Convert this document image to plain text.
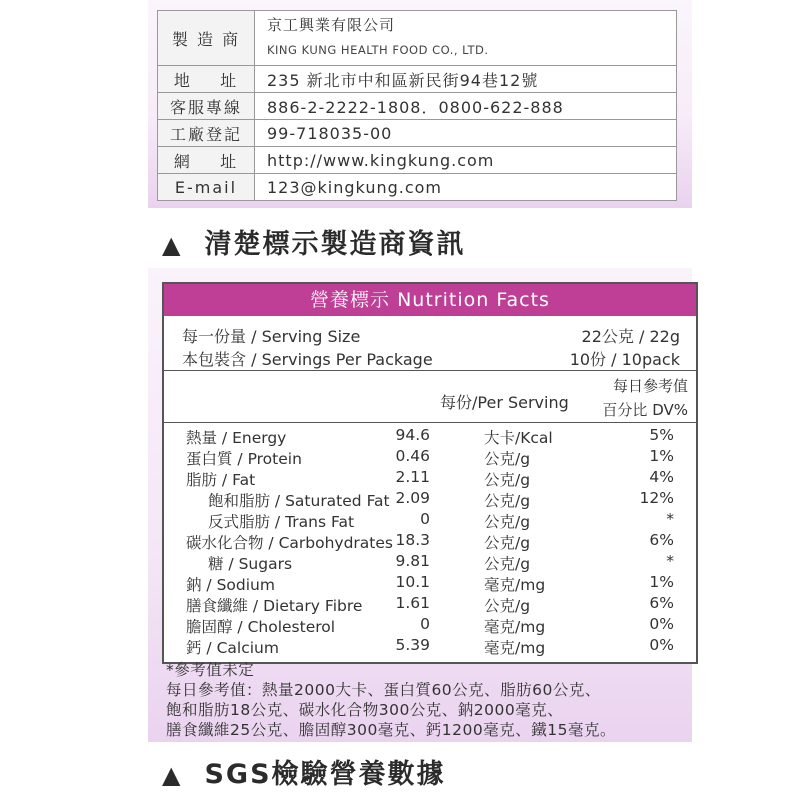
製 造 商	京工興業有限公司
KING KUNG HEALTH FOOD CO., LTD.

地    址	235 新北市中和區新民街94巷12號
客服專線	886-2-2222-1808．0800-622-888
工廠登記	99-718035-00
網    址	http://www.kingkung.com
E-mail	123@kingkung.com
▲ 清楚標示製造商資訊
營養標示 Nutrition Facts
每一份量 / Serving Size	22公克 / 22g
本包裝含 / Servings Per Package	10份 / 10pack
每份/Per Serving
每日參考值
百分比 DV%
熱量 / Energy	94.6	大卡/Kcal	5%
蛋白質 / Protein	0.46	公克/g	1%
脂肪 / Fat	2.11	公克/g	4%
飽和脂肪 / Saturated Fat 2.09	公克/g	12%
反式脂肪 / Trans Fat	0	公克/g	*
碳水化合物 / Carbohydrates 18.3	公克/g	6%
糖 / Sugars	9.81	公克/g	*
鈉 / Sodium	10.1	毫克/mg	1%
膳食纖維 / Dietary Fibre 1.61	公克/g	6%
膽固醇 / Cholesterol	0	毫克/mg	0%
鈣 / Calcium	5.39	毫克/mg	0%
*參考值未定
每日參考值：熱量2000大卡、蛋白質60公克、脂肪60公克、
飽和脂肪18公克、碳水化合物300公克、鈉2000毫克、
膳食纖維25公克、膽固醇300毫克、鈣1200毫克、鐵15毫克。
▲ SGS檢驗營養數據
